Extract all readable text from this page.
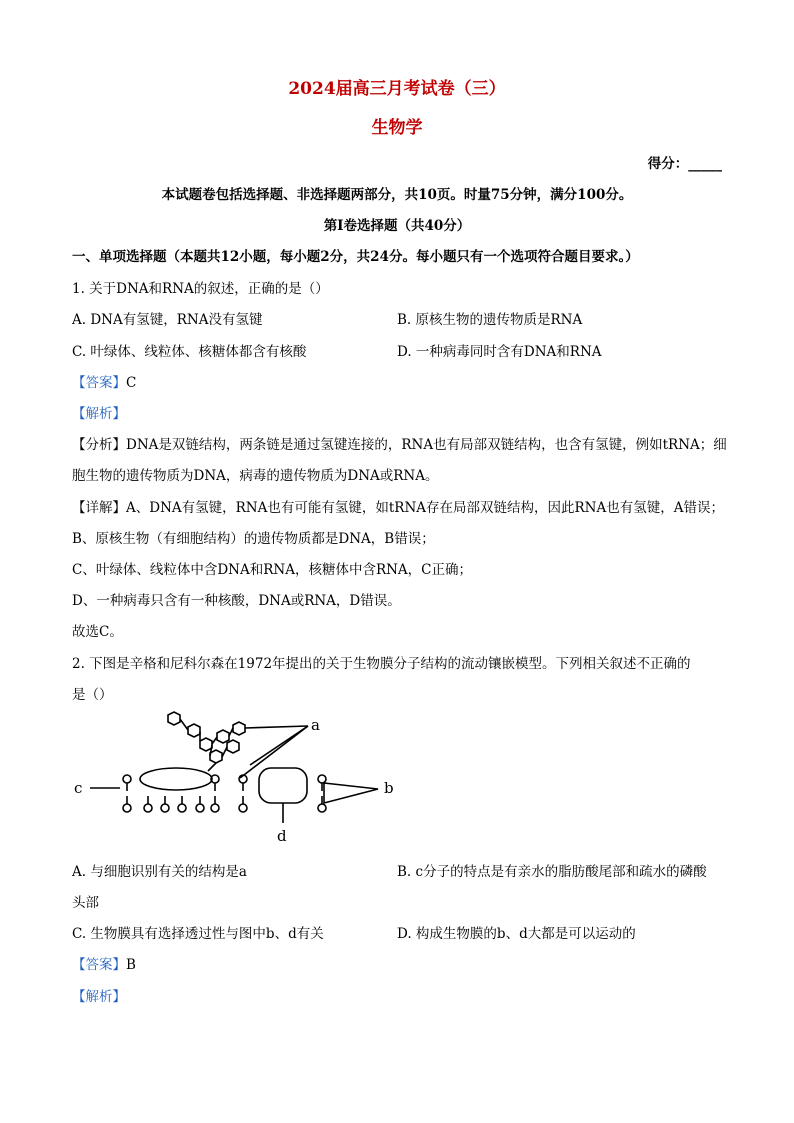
2024届高三月考试卷（三）
生物学
得分：_____
本试题卷包括选择题、非选择题两部分，共10页。时量75分钟，满分100分。
第Ⅰ卷选择题（共40分）
一、单项选择题（本题共12小题，每小题2分，共24分。每小题只有一个选项符合题目要求。）
1. 关于DNA和RNA的叙述，正确的是（）
A. DNA有氢键，RNA没有氢键	B. 原核生物的遗传物质是RNA
C. 叶绿体、线粒体、核糖体都含有核酸	D. 一种病毒同时含有DNA和RNA
【答案】C
【解析】
【分析】DNA是双链结构，两条链是通过氢键连接的，RNA也有局部双链结构，也含有氢键，例如tRNA；细
胞生物的遗传物质为DNA，病毒的遗传物质为DNA或RNA。
【详解】A、DNA有氢键，RNA也有可能有氢键，如tRNA存在局部双链结构，因此RNA也有氢键，A错误；
B、原核生物（有细胞结构）的遗传物质都是DNA，B错误；
C、叶绿体、线粒体中含DNA和RNA，核糖体中含RNA，C正确；
D、一种病毒只含有一种核酸，DNA或RNA，D错误。
故选C。
2. 下图是辛格和尼科尔森在1972年提出的关于生物膜分子结构的流动镶嵌模型。下列相关叙述不正确的
是（）
a
c	b
d
A. 与细胞识别有关的结构是a	B. c分子的特点是有亲水的脂肪酸尾部和疏水的磷酸
头部
C. 生物膜具有选择透过性与图中b、d有关	D. 构成生物膜的b、d大都是可以运动的
【答案】B
【解析】
